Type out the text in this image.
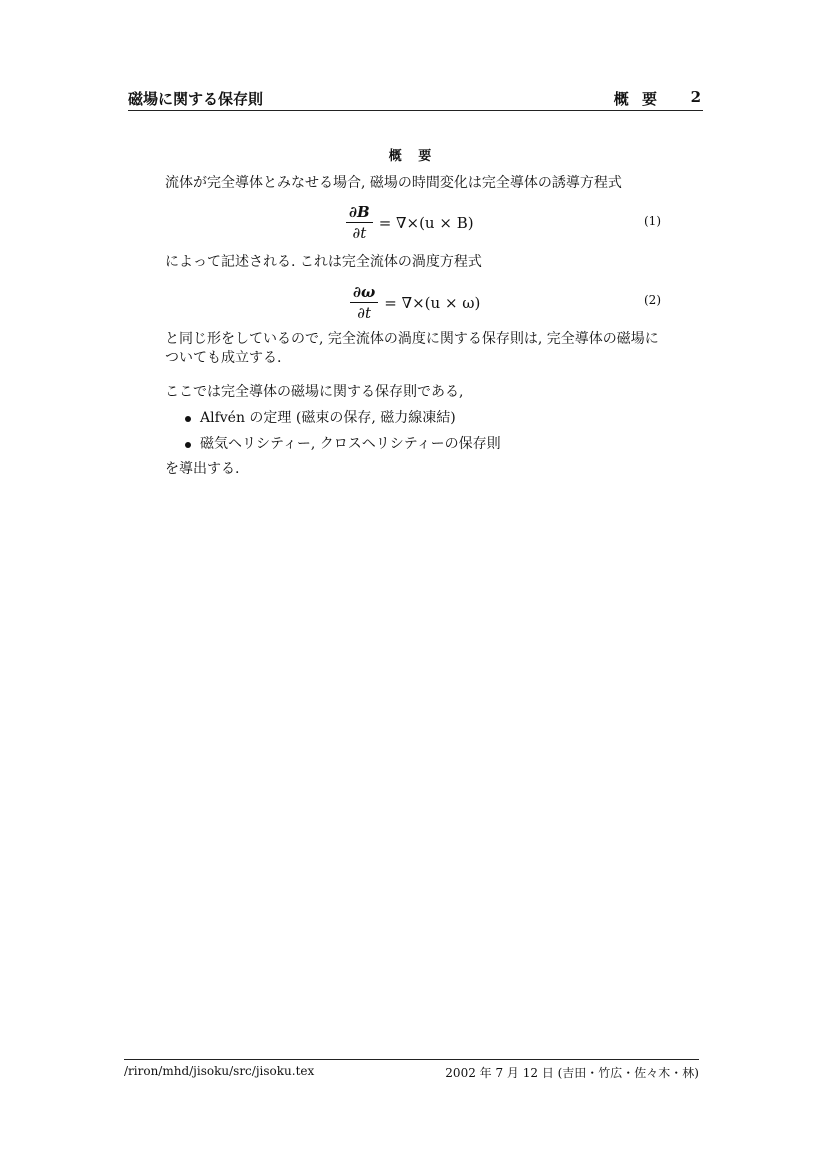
磁場に関する保存則	概 要 2
概 要
流体が完全導体とみなせる場合, 磁場の時間変化は完全導体の誘導方程式
$\frac{\partial B}{\partial t} = \nabla\times(u \times B)$	(1)
によって記述される. これは完全流体の渦度方程式
$\frac{\partial\omega}{\partial t} = \nabla\times(u \times \omega)$	(2)
と同じ形をしているので, 完全流体の渦度に関する保存則は, 完全導体の磁場についても成立する.
ここでは完全導体の磁場に関する保存則である,
Alfvén の定理 (磁束の保存, 磁力線凍結)
磁気ヘリシティー, クロスヘリシティーの保存則
を導出する.
/riron/mhd/jisoku/src/jisoku.tex	2002 年 7 月 12 日 (吉田・竹広・佐々木・林)
